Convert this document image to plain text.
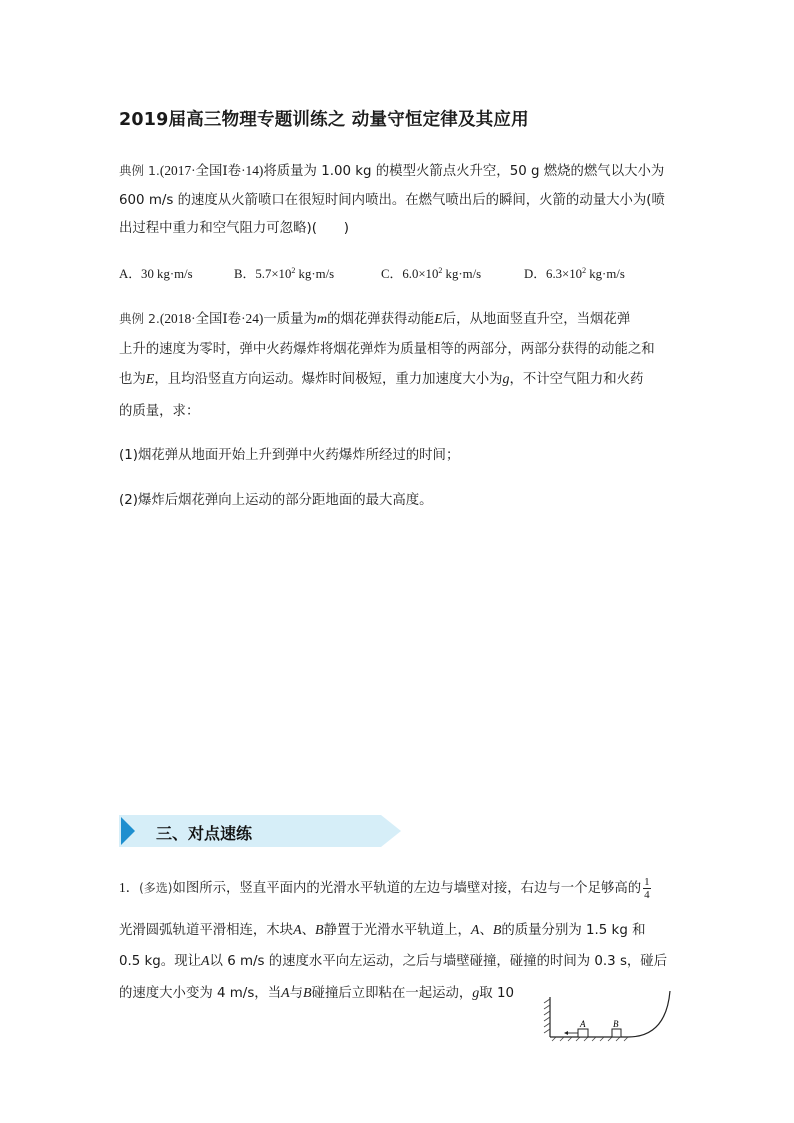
2019届高三物理专题训练之 动量守恒定律及其应用
典例 1.(2017·全国Ⅰ卷·14)将质量为 1.00 kg 的模型火箭点火升空，50 g 燃烧的燃气以大小为
600 m/s 的速度从火箭喷口在很短时间内喷出。在燃气喷出后的瞬间，火箭的动量大小为(喷
出过程中重力和空气阻力可忽略)(　　)
A．30 kg·m/s	B．$5.7\times 10^2$ kg·m/s	C．$6.0\times 10^2$ kg·m/s	D．$6.3\times 10^2$ kg·m/s
典例 2.(2018·全国Ⅰ卷·24)一质量为m的烟花弹获得动能E后，从地面竖直升空，当烟花弹
上升的速度为零时，弹中火药爆炸将烟花弹炸为质量相等的两部分，两部分获得的动能之和
也为E，且均沿竖直方向运动。爆炸时间极短，重力加速度大小为g，不计空气阻力和火药
的质量，求：
(1)烟花弹从地面开始上升到弹中火药爆炸所经过的时间；
(2)爆炸后烟花弹向上运动的部分距地面的最大高度。
三、对点速练
1．(多选)如图所示，竖直平面内的光滑水平轨道的左边与墙壁对接，右边与一个足够高的 $\frac{1}{4}$
光滑圆弧轨道平滑相连，木块A、B静置于光滑水平轨道上，A、B的质量分别为 1.5 kg 和
0.5 kg。现让A以 6 m/s 的速度水平向左运动，之后与墙壁碰撞，碰撞的时间为 0.3 s，碰后
的速度大小变为 4 m/s，当A与B碰撞后立即粘在一起运动，g取 10
A	B
